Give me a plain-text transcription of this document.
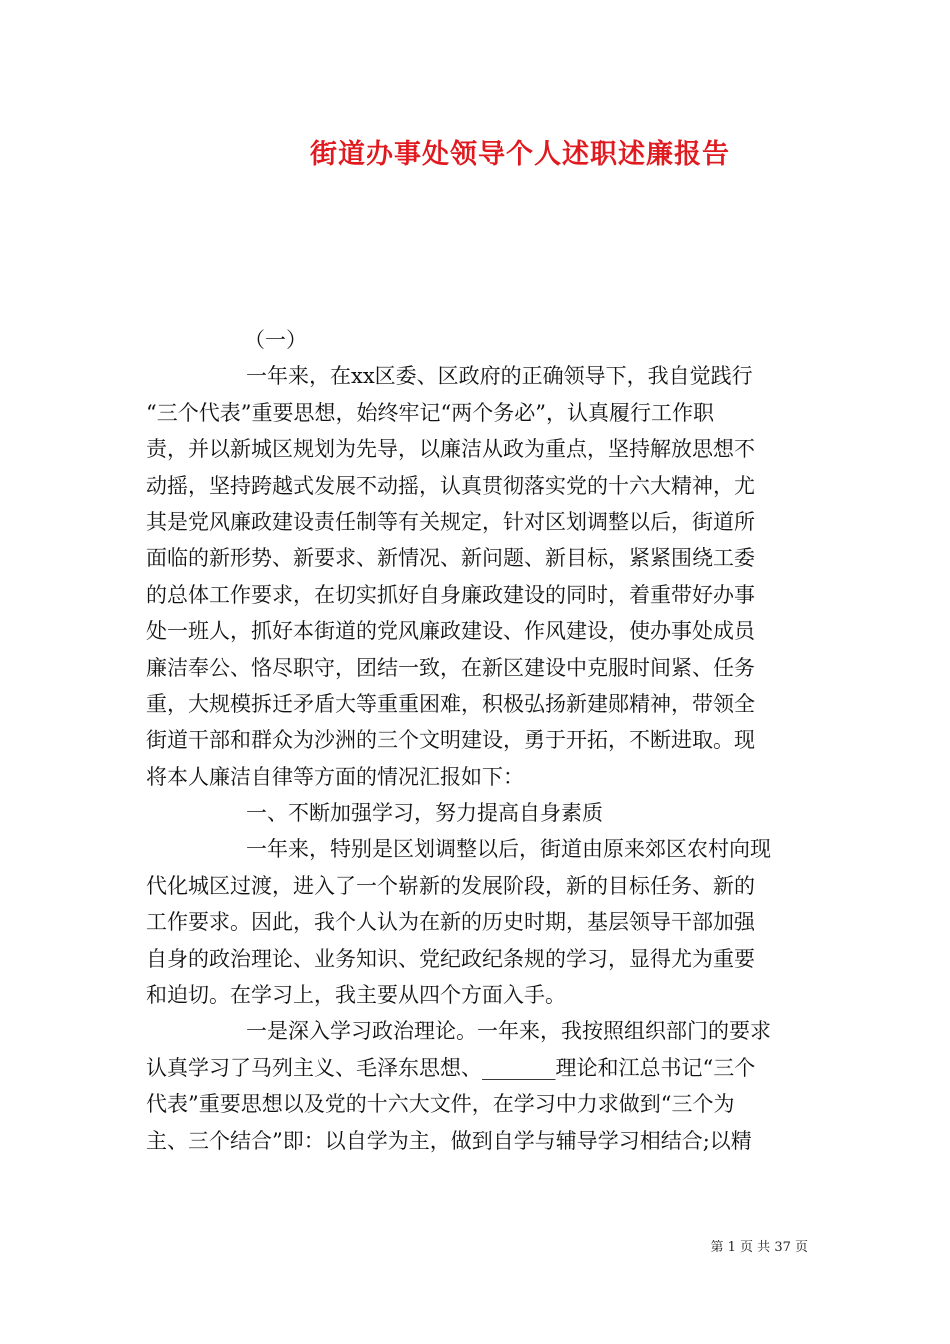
街道办事处领导个人述职述廉报告
（一）
一年来，在xx区委、区政府的正确领导下，我自觉践行
“三个代表”重要思想，始终牢记“两个务必”，认真履行工作职
责，并以新城区规划为先导，以廉洁从政为重点，坚持解放思想不
动摇，坚持跨越式发展不动摇，认真贯彻落实党的十六大精神，尤
其是党风廉政建设责任制等有关规定，针对区划调整以后，街道所
面临的新形势、新要求、新情况、新问题、新目标，紧紧围绕工委
的总体工作要求，在切实抓好自身廉政建设的同时，着重带好办事
处一班人，抓好本街道的党风廉政建设、作风建设，使办事处成员
廉洁奉公、恪尽职守，团结一致，在新区建设中克服时间紧、任务
重，大规模拆迁矛盾大等重重困难，积极弘扬新建郧精神，带领全
街道干部和群众为沙洲的三个文明建设，勇于开拓，不断进取。现
将本人廉洁自律等方面的情况汇报如下：
一、不断加强学习，努力提高自身素质
一年来，特别是区划调整以后，街道由原来郊区农村向现
代化城区过渡，进入了一个崭新的发展阶段，新的目标任务、新的
工作要求。因此，我个人认为在新的历史时期，基层领导干部加强
自身的政治理论、业务知识、党纪政纪条规的学习，显得尤为重要
和迫切。在学习上，我主要从四个方面入手。
一是深入学习政治理论。一年来，我按照组织部门的要求
认真学习了马列主义、毛泽东思想、_______理论和江总书记“三个
代表”重要思想以及党的十六大文件，在学习中力求做到“三个为
主、三个结合”即：以自学为主，做到自学与辅导学习相结合;以精
第 1 页 共 37 页
